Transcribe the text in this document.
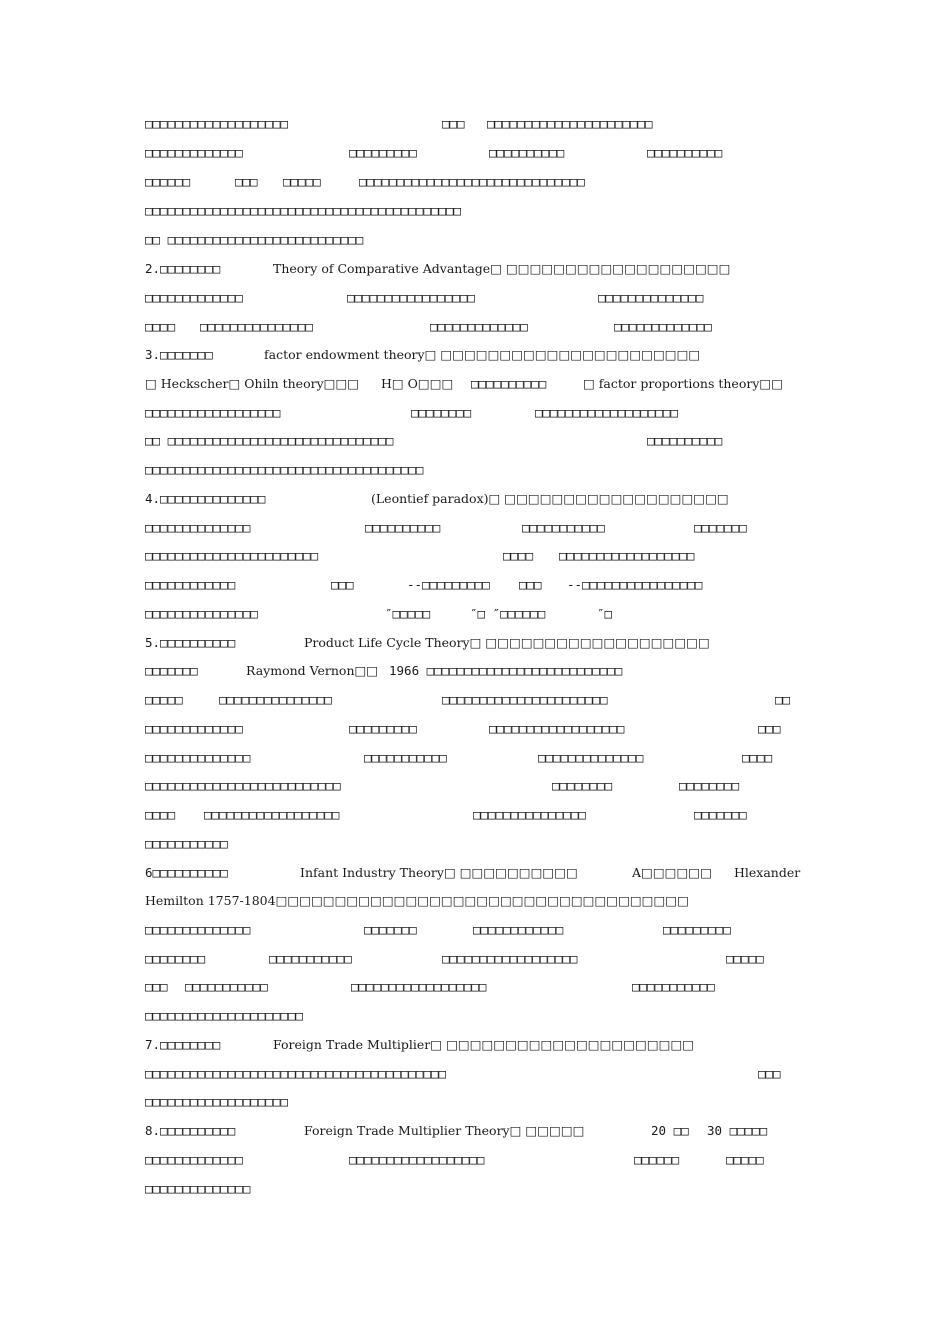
□□□□□□□□□□□□□□□□□□□	□□□ □□□□□□□□□□□□□□□□□□□□□□
□□□□□□□□□□□□□	□□□□□□□□□	□□□□□□□□□□	□□□□□□□□□□
□□□□□□	□□□ □□□□□	□□□□□□□□□□□□□□□□□□□□□□□□□□□□□□
□□□□□□□□□□□□□□□□□□□□□□□□□□□□□□□□□□□□□□□□□□
□□ □□□□□□□□□□□□□□□□□□□□□□□□□□
2.□□□□□□□□	Theory of Comparative Advantage□ □□□□□□□□□□□□□□□□□□□
□□□□□□□□□□□□□	□□□□□□□□□□□□□□□□□	□□□□□□□□□□□□□□
□□□□ □□□□□□□□□□□□□□□	□□□□□□□□□□□□□	□□□□□□□□□□□□□
3.□□□□□□□	factor endowment theory□ □□□□□□□□□□□□□□□□□□□□□□
□ Heckscher□ Ohiln theory□□□ H□ O□□□ □□□□□□□□□□	□ factor proportions theory□□
□□□□□□□□□□□□□□□□□□	□□□□□□□□	□□□□□□□□□□□□□□□□□□□
□□ □□□□□□□□□□□□□□□□□□□□□□□□□□□□□□	□□□□□□□□□□
□□□□□□□□□□□□□□□□□□□□□□□□□□□□□□□□□□□□□
4.□□□□□□□□□□□□□□	(Leontief paradox)□ □□□□□□□□□□□□□□□□□□□
□□□□□□□□□□□□□□	□□□□□□□□□□	□□□□□□□□□□□	□□□□□□□
□□□□□□□□□□□□□□□□□□□□□□□	□□□□ □□□□□□□□□□□□□□□□□□
□□□□□□□□□□□□	□□□	--□□□□□□□□□ □□□ --□□□□□□□□□□□□□□□□
□□□□□□□□□□□□□□□	″□□□□□	″□ ″□□□□□□	″□
5.□□□□□□□□□□	Product Life Cycle Theory□ □□□□□□□□□□□□□□□□□□□
□□□□□□□	Raymond Vernon□□ 1966 □□□□□□□□□□□□□□□□□□□□□□□□□□
□□□□□	□□□□□□□□□□□□□□□	□□□□□□□□□□□□□□□□□□□□□□	□□
□□□□□□□□□□□□□	□□□□□□□□□	□□□□□□□□□□□□□□□□□□	□□□
□□□□□□□□□□□□□□	□□□□□□□□□□□	□□□□□□□□□□□□□□	□□□□
□□□□□□□□□□□□□□□□□□□□□□□□□□	□□□□□□□□	□□□□□□□□
□□□□ □□□□□□□□□□□□□□□□□□	□□□□□□□□□□□□□□□	□□□□□□□
□□□□□□□□□□□
6□□□□□□□□□□	Infant Industry Theory□ □□□□□□□□□□	A□□□□□□ Hlexander
Hemilton 1757-1804□□□□□□□□□□□□□□□□□□□□□□□□□□□□□□□□□□□
□□□□□□□□□□□□□□	□□□□□□□	□□□□□□□□□□□□	□□□□□□□□□
□□□□□□□□	□□□□□□□□□□□	□□□□□□□□□□□□□□□□□□	□□□□□
□□□ □□□□□□□□□□□	□□□□□□□□□□□□□□□□□□	□□□□□□□□□□□
□□□□□□□□□□□□□□□□□□□□□
7.□□□□□□□□	Foreign Trade Multiplier□ □□□□□□□□□□□□□□□□□□□□□
□□□□□□□□□□□□□□□□□□□□□□□□□□□□□□□□□□□□□□□□	□□□
□□□□□□□□□□□□□□□□□□□
8.□□□□□□□□□□	Foreign Trade Multiplier Theory□ □□□□□	20 □□ 30 □□□□□
□□□□□□□□□□□□□	□□□□□□□□□□□□□□□□□□	□□□□□□	□□□□□
□□□□□□□□□□□□□□
